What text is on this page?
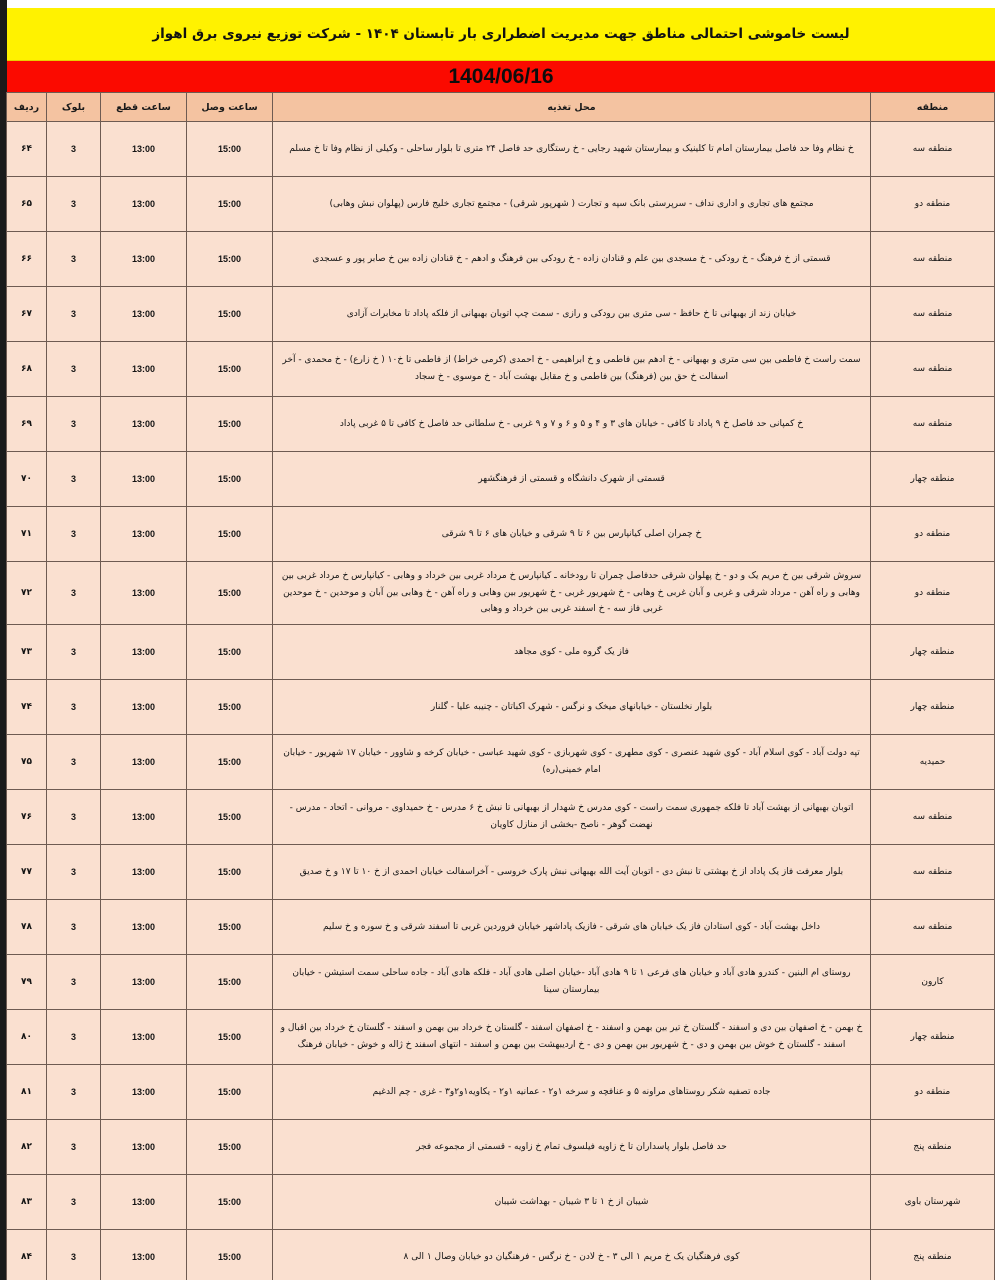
لیست خاموشی احتمالی مناطق جهت مدیریت اضطراری بار تابستان ۱۴۰۴ - شرکت توزیع نیروی برق اهواز
1404/06/16
منطقه	محل تغذیه	ساعت وصل	ساعت قطع	بلوک	ردیف
منطقه سه	خ نظام وفا حد فاصل بیمارستان امام تا کلینیک و بیمارستان شهید رجایی - خ رستگاری حد فاصل ۲۴ متری تا بلوار ساحلی - وکیلی از نظام وفا تا خ مسلم	15:00	13:00	3	۶۴
منطقه دو	مجتمع های تجاری و اداری نداف - سرپرستی بانک سپه و تجارت ( شهرپور شرقی) - مجتمع تجاری خلیج فارس (پهلوان نبش وهابی)	15:00	13:00	3	۶۵
منطقه سه	قسمتی از خ فرهنگ - خ رودکی - خ مسجدی بین علم و قنادان زاده - خ رودکی بین فرهنگ و ادهم - خ قنادان زاده بین خ صابر پور و عسجدی	15:00	13:00	3	۶۶
منطقه سه	خیابان زند از بهبهانی تا خ حافظ - سی متری بین رودکی و رازی - سمت چپ اتوبان بهبهانی از فلکه پاداد تا مخابرات آزادی	15:00	13:00	3	۶۷
منطقه سه	سمت راست خ فاطمی بین سی متری و بهبهانی - خ ادهم بین فاطمی و خ ابراهیمی - خ احمدی (کرمی خراط) از فاطمی تا خ۱۰ ( خ زارع) - خ محمدی - آخر اسفالت خ حق بین (فرهنگ) بین فاطمی و خ مقابل بهشت آباد - خ موسوی - خ سجاد	15:00	13:00	3	۶۸
منطقه سه	خ کمپانی حد فاصل خ ۹ پاداد تا کافی - خیابان های ۳ و ۴ و ۵ و ۶ و ۷ و ۹ غربی - خ سلطانی حد فاصل خ کافی تا ۵ غربی پاداد	15:00	13:00	3	۶۹
منطقه چهار	قسمتی از شهرک دانشگاه و قسمتی از فرهنگشهر	15:00	13:00	3	۷۰
منطقه دو	خ چمران اصلی کیانپارس بین ۶ تا ۹ شرقی و خیابان های ۶ تا ۹ شرقی	15:00	13:00	3	۷۱
منطقه دو	سروش شرقی بین خ مریم یک و دو - خ پهلوان شرقی حدفاصل چمران تا رودخانه ـ کیانپارس خ مرداد غربی بین خرداد و وهابی - کیانپارس خ مرداد غربی بین وهابی و راه آهن - مرداد شرقی و غربی و آبان غربی خ وهابی - خ شهریور غربی - خ شهریور بین وهابی و راه آهن - خ وهابی بین آبان و موحدین - خ موحدین غربی فاز سه - خ اسفند غربی بین خرداد و وهابی	15:00	13:00	3	۷۲
منطقه چهار	فاز یک گروه ملی - کوی مجاهد	15:00	13:00	3	۷۳
منطقه چهار	بلوار نخلستان - خیابانهای میخک و نرگس - شهرک اکباتان - چنیبه علیا - گلنار	15:00	13:00	3	۷۴
حمیدیه	تپه دولت آباد - کوی اسلام آباد - کوی شهید عنصری - کوی مطهری - کوی شهربازی - کوی شهید عباسی - خیابان کرخه و شاوور - خیابان ۱۷ شهریور - خیابان امام خمینی(ره)	15:00	13:00	3	۷۵
منطقه سه	اتوبان بهبهانی از بهشت آباد تا فلکه جمهوری سمت راست - کوی مدرس خ شهدار از بهبهانی تا نبش خ ۶ مدرس - خ حمیداوی - مروانی - اتحاد - مدرس - نهضت گوهر - ناصح -بخشی از منازل کاویان	15:00	13:00	3	۷۶
منطقه سه	بلوار معرفت فاز یک پاداد از خ بهشتی تا نبش دی - اتوبان آیت الله بهبهانی نبش پارک خروسی - آخراسفالت خیابان احمدی از خ ۱۰ تا ۱۷ و خ صدیق	15:00	13:00	3	۷۷
منطقه سه	داخل بهشت آباد - کوی استادان فاز یک خیابان های شرقی - فازیک پاداشهر خیابان فروردین غربی تا اسفند شرقی و خ سوره و خ سلیم	15:00	13:00	3	۷۸
کارون	روستای ام البنین - کندرو هادی آباد و خیابان های فرعی ۱ تا ۹ هادی آباد -خیابان اصلی هادی آباد - فلکه هادی آباد - جاده ساحلی سمت استیشن - خیابان بیمارستان سینا	15:00	13:00	3	۷۹
منطقه چهار	خ بهمن - خ اصفهان بین دی و اسفند - گلستان خ تیر بین بهمن و اسفند - خ اصفهان اسفند - گلستان خ خرداد بین بهمن و اسفند - گلستان خ خرداد بین اقبال و اسفند - گلستان خ خوش بین بهمن و دی - خ شهریور بین بهمن و دی - خ اردیبهشت بین بهمن و اسفند - انتهای اسفند خ ژاله و خوش - خیابان فرهنگ	15:00	13:00	3	۸۰
منطقه دو	جاده تصفیه شکر روستاهای مراونه ۵ و عنافچه و سرخه ۱و۲ - عمانیه ۱و۲ - یکاویه۱و۲و۳ - غزی - چم الدغیم	15:00	13:00	3	۸۱
منطقه پنج	حد فاصل بلوار پاسداران تا خ زاویه فیلسوف تمام خ زاویه - قسمتی از مجموعه فجر	15:00	13:00	3	۸۲
شهرستان باوی	شیبان از خ ۱ تا ۳ شیبان - بهداشت شیبان	15:00	13:00	3	۸۳
منطقه پنج	کوی فرهنگیان یک خ مریم ۱ الی ۳ - خ لادن - خ نرگس - فرهنگیان دو خیابان وصال ۱ الی ۸	15:00	13:00	3	۸۴
